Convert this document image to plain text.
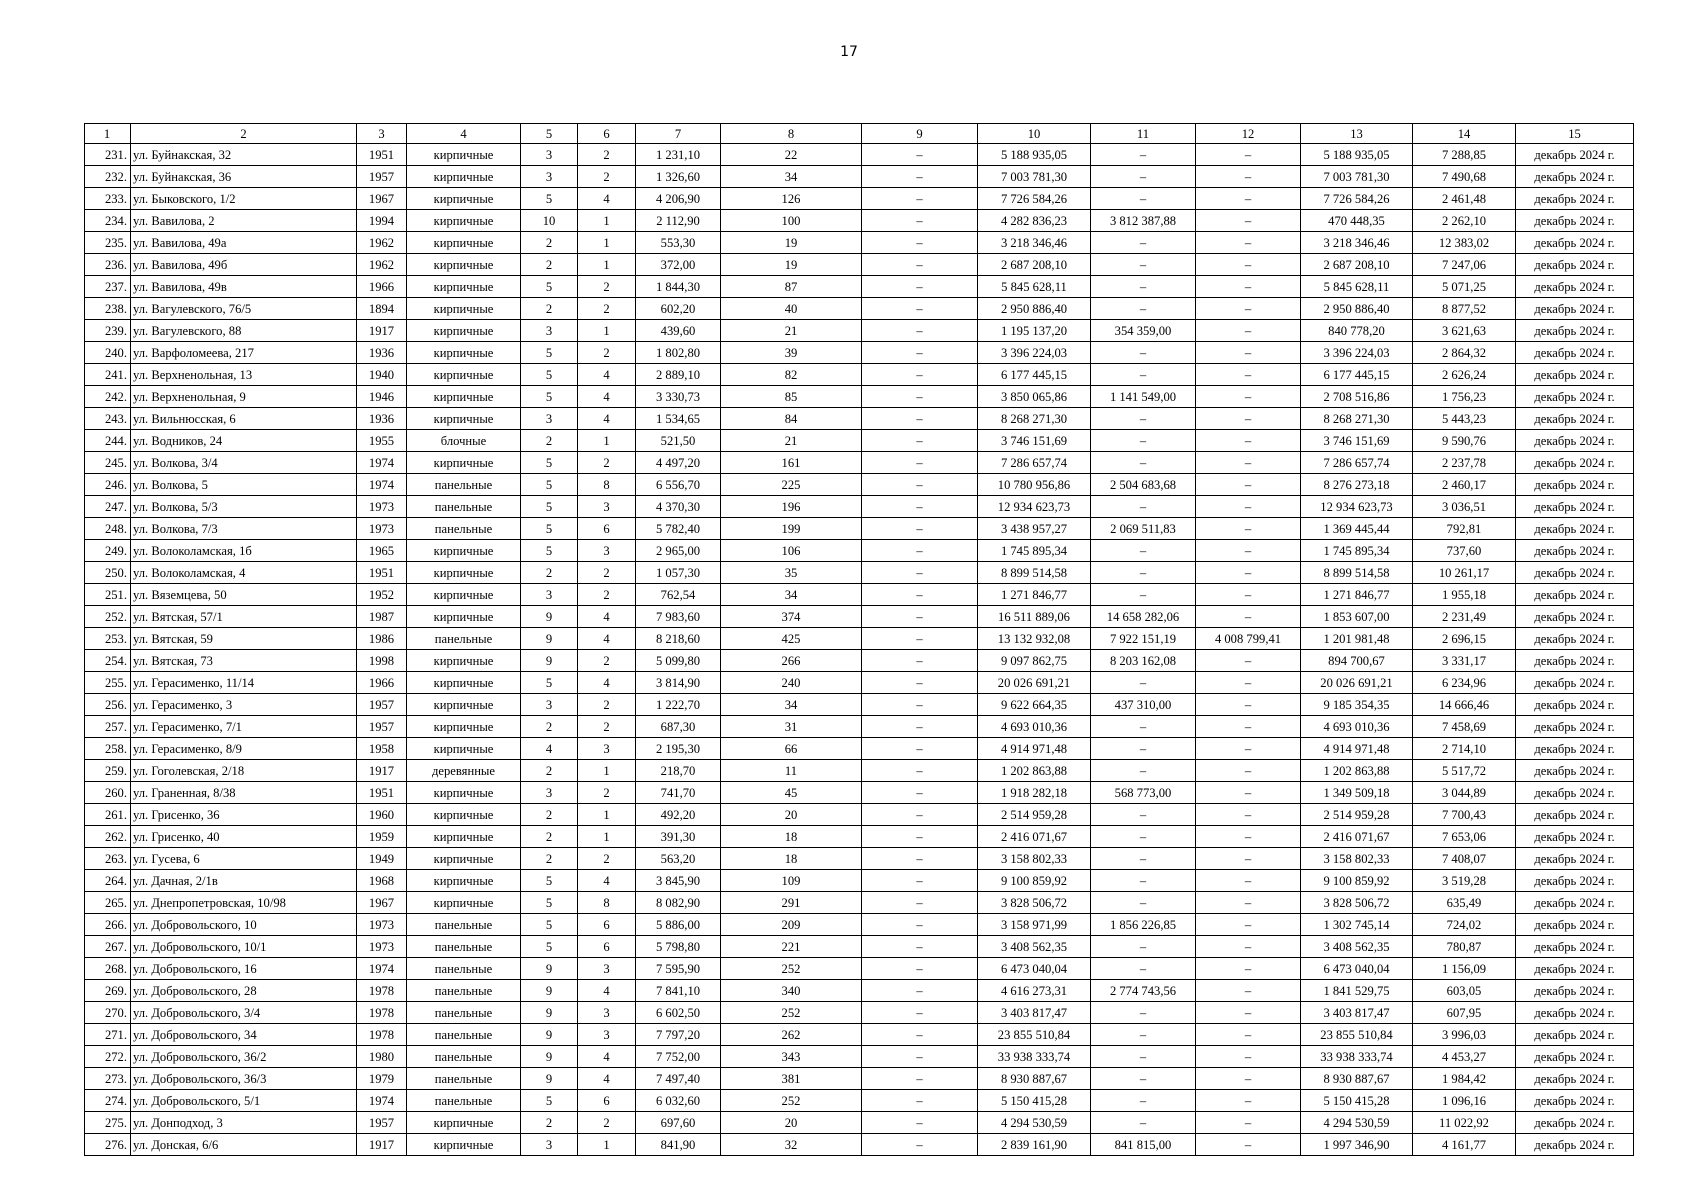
17
1	2	3	4	5	6	7	8	9	10	11	12	13	14	15
231.	ул. Буйнакская, 32	1951	кирпичные	3	2	1 231,10	22	–	5 188 935,05	–	–	5 188 935,05	7 288,85	декабрь 2024 г.
232.	ул. Буйнакская, 36	1957	кирпичные	3	2	1 326,60	34	–	7 003 781,30	–	–	7 003 781,30	7 490,68	декабрь 2024 г.
233.	ул. Быковского, 1/2	1967	кирпичные	5	4	4 206,90	126	–	7 726 584,26	–	–	7 726 584,26	2 461,48	декабрь 2024 г.
234.	ул. Вавилова, 2	1994	кирпичные	10	1	2 112,90	100	–	4 282 836,23	3 812 387,88	–	470 448,35	2 262,10	декабрь 2024 г.
235.	ул. Вавилова, 49а	1962	кирпичные	2	1	553,30	19	–	3 218 346,46	–	–	3 218 346,46	12 383,02	декабрь 2024 г.
236.	ул. Вавилова, 49б	1962	кирпичные	2	1	372,00	19	–	2 687 208,10	–	–	2 687 208,10	7 247,06	декабрь 2024 г.
237.	ул. Вавилова, 49в	1966	кирпичные	5	2	1 844,30	87	–	5 845 628,11	–	–	5 845 628,11	5 071,25	декабрь 2024 г.
238.	ул. Вагулевского, 76/5	1894	кирпичные	2	2	602,20	40	–	2 950 886,40	–	–	2 950 886,40	8 877,52	декабрь 2024 г.
239.	ул. Вагулевского, 88	1917	кирпичные	3	1	439,60	21	–	1 195 137,20	354 359,00	–	840 778,20	3 621,63	декабрь 2024 г.
240.	ул. Варфоломеева, 217	1936	кирпичные	5	2	1 802,80	39	–	3 396 224,03	–	–	3 396 224,03	2 864,32	декабрь 2024 г.
241.	ул. Верхненольная, 13	1940	кирпичные	5	4	2 889,10	82	–	6 177 445,15	–	–	6 177 445,15	2 626,24	декабрь 2024 г.
242.	ул. Верхненольная, 9	1946	кирпичные	5	4	3 330,73	85	–	3 850 065,86	1 141 549,00	–	2 708 516,86	1 756,23	декабрь 2024 г.
243.	ул. Вильнюсская, 6	1936	кирпичные	3	4	1 534,65	84	–	8 268 271,30	–	–	8 268 271,30	5 443,23	декабрь 2024 г.
244.	ул. Водников, 24	1955	блочные	2	1	521,50	21	–	3 746 151,69	–	–	3 746 151,69	9 590,76	декабрь 2024 г.
245.	ул. Волкова, 3/4	1974	кирпичные	5	2	4 497,20	161	–	7 286 657,74	–	–	7 286 657,74	2 237,78	декабрь 2024 г.
246.	ул. Волкова, 5	1974	панельные	5	8	6 556,70	225	–	10 780 956,86	2 504 683,68	–	8 276 273,18	2 460,17	декабрь 2024 г.
247.	ул. Волкова, 5/3	1973	панельные	5	3	4 370,30	196	–	12 934 623,73	–	–	12 934 623,73	3 036,51	декабрь 2024 г.
248.	ул. Волкова, 7/3	1973	панельные	5	6	5 782,40	199	–	3 438 957,27	2 069 511,83	–	1 369 445,44	792,81	декабрь 2024 г.
249.	ул. Волоколамская, 1б	1965	кирпичные	5	3	2 965,00	106	–	1 745 895,34	–	–	1 745 895,34	737,60	декабрь 2024 г.
250.	ул. Волоколамская, 4	1951	кирпичные	2	2	1 057,30	35	–	8 899 514,58	–	–	8 899 514,58	10 261,17	декабрь 2024 г.
251.	ул. Вяземцева, 50	1952	кирпичные	3	2	762,54	34	–	1 271 846,77	–	–	1 271 846,77	1 955,18	декабрь 2024 г.
252.	ул. Вятская, 57/1	1987	кирпичные	9	4	7 983,60	374	–	16 511 889,06	14 658 282,06	–	1 853 607,00	2 231,49	декабрь 2024 г.
253.	ул. Вятская, 59	1986	панельные	9	4	8 218,60	425	–	13 132 932,08	7 922 151,19	4 008 799,41	1 201 981,48	2 696,15	декабрь 2024 г.
254.	ул. Вятская, 73	1998	кирпичные	9	2	5 099,80	266	–	9 097 862,75	8 203 162,08	–	894 700,67	3 331,17	декабрь 2024 г.
255.	ул. Герасименко, 11/14	1966	кирпичные	5	4	3 814,90	240	–	20 026 691,21	–	–	20 026 691,21	6 234,96	декабрь 2024 г.
256.	ул. Герасименко, 3	1957	кирпичные	3	2	1 222,70	34	–	9 622 664,35	437 310,00	–	9 185 354,35	14 666,46	декабрь 2024 г.
257.	ул. Герасименко, 7/1	1957	кирпичные	2	2	687,30	31	–	4 693 010,36	–	–	4 693 010,36	7 458,69	декабрь 2024 г.
258.	ул. Герасименко, 8/9	1958	кирпичные	4	3	2 195,30	66	–	4 914 971,48	–	–	4 914 971,48	2 714,10	декабрь 2024 г.
259.	ул. Гоголевская, 2/18	1917	деревянные	2	1	218,70	11	–	1 202 863,88	–	–	1 202 863,88	5 517,72	декабрь 2024 г.
260.	ул. Граненная, 8/38	1951	кирпичные	3	2	741,70	45	–	1 918 282,18	568 773,00	–	1 349 509,18	3 044,89	декабрь 2024 г.
261.	ул. Грисенко, 36	1960	кирпичные	2	1	492,20	20	–	2 514 959,28	–	–	2 514 959,28	7 700,43	декабрь 2024 г.
262.	ул. Грисенко, 40	1959	кирпичные	2	1	391,30	18	–	2 416 071,67	–	–	2 416 071,67	7 653,06	декабрь 2024 г.
263.	ул. Гусева, 6	1949	кирпичные	2	2	563,20	18	–	3 158 802,33	–	–	3 158 802,33	7 408,07	декабрь 2024 г.
264.	ул. Дачная, 2/1в	1968	кирпичные	5	4	3 845,90	109	–	9 100 859,92	–	–	9 100 859,92	3 519,28	декабрь 2024 г.
265.	ул. Днепропетровская, 10/98	1967	кирпичные	5	8	8 082,90	291	–	3 828 506,72	–	–	3 828 506,72	635,49	декабрь 2024 г.
266.	ул. Добровольского, 10	1973	панельные	5	6	5 886,00	209	–	3 158 971,99	1 856 226,85	–	1 302 745,14	724,02	декабрь 2024 г.
267.	ул. Добровольского, 10/1	1973	панельные	5	6	5 798,80	221	–	3 408 562,35	–	–	3 408 562,35	780,87	декабрь 2024 г.
268.	ул. Добровольского, 16	1974	панельные	9	3	7 595,90	252	–	6 473 040,04	–	–	6 473 040,04	1 156,09	декабрь 2024 г.
269.	ул. Добровольского, 28	1978	панельные	9	4	7 841,10	340	–	4 616 273,31	2 774 743,56	–	1 841 529,75	603,05	декабрь 2024 г.
270.	ул. Добровольского, 3/4	1978	панельные	9	3	6 602,50	252	–	3 403 817,47	–	–	3 403 817,47	607,95	декабрь 2024 г.
271.	ул. Добровольского, 34	1978	панельные	9	3	7 797,20	262	–	23 855 510,84	–	–	23 855 510,84	3 996,03	декабрь 2024 г.
272.	ул. Добровольского, 36/2	1980	панельные	9	4	7 752,00	343	–	33 938 333,74	–	–	33 938 333,74	4 453,27	декабрь 2024 г.
273.	ул. Добровольского, 36/3	1979	панельные	9	4	7 497,40	381	–	8 930 887,67	–	–	8 930 887,67	1 984,42	декабрь 2024 г.
274.	ул. Добровольского, 5/1	1974	панельные	5	6	6 032,60	252	–	5 150 415,28	–	–	5 150 415,28	1 096,16	декабрь 2024 г.
275.	ул. Донподход, 3	1957	кирпичные	2	2	697,60	20	–	4 294 530,59	–	–	4 294 530,59	11 022,92	декабрь 2024 г.
276.	ул. Донская, 6/6	1917	кирпичные	3	1	841,90	32	–	2 839 161,90	841 815,00	–	1 997 346,90	4 161,77	декабрь 2024 г.
